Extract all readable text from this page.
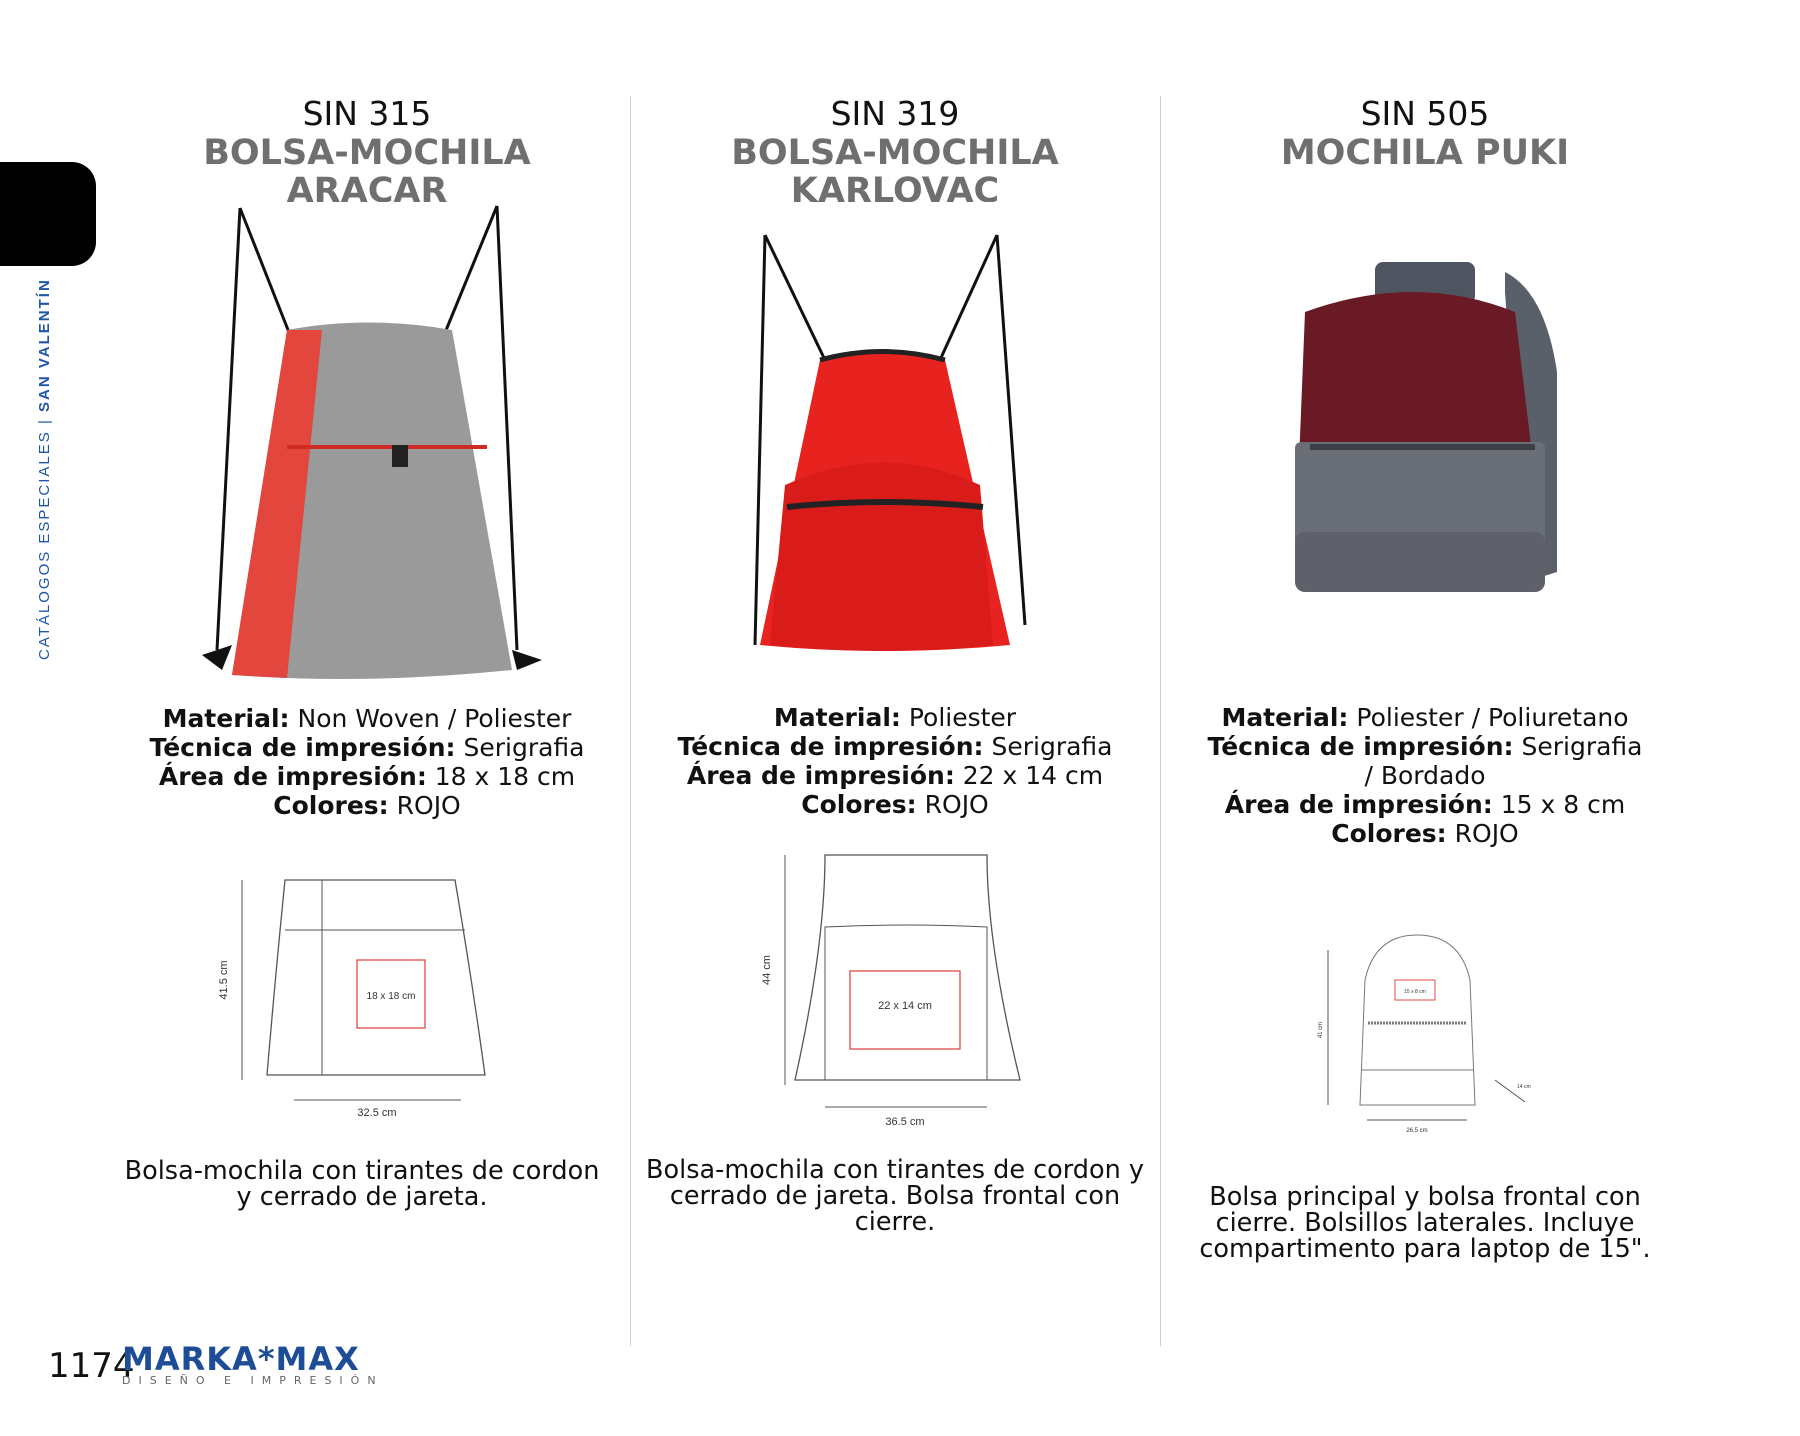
CATÁLOGOS ESPECIALES | SAN VALENTÍN
SIN 315
BOLSA-MOCHILA
ARACAR
Material: Non Woven / Poliester
Técnica de impresión: Serigrafia
Área de impresión: 18 x 18 cm
Colores: ROJO
41.5 cm	18 x 18 cm
32.5 cm
Bolsa-mochila con tirantes de cordon y cerrado de jareta.
SIN 319
BOLSA-MOCHILA
KARLOVAC
Material: Poliester
Técnica de impresión: Serigrafia
Área de impresión: 22 x 14 cm
Colores: ROJO
44 cm
22 x 14 cm
36.5 cm
Bolsa-mochila con tirantes de cordon y cerrado de jareta. Bolsa frontal con cierre.
SIN 505
MOCHILA PUKI
Material: Poliester / Poliuretano
Técnica de impresión: Serigrafia / Bordado
Área de impresión: 15 x 8 cm
Colores: ROJO
41 cm
15 x 8 cm
14 cm
26.5 cm
Bolsa principal y bolsa frontal con cierre. Bolsillos laterales. Incluye compartimento para laptop de 15".
1174
MARKA*MAX
DISEÑO E IMPRESIÓN
